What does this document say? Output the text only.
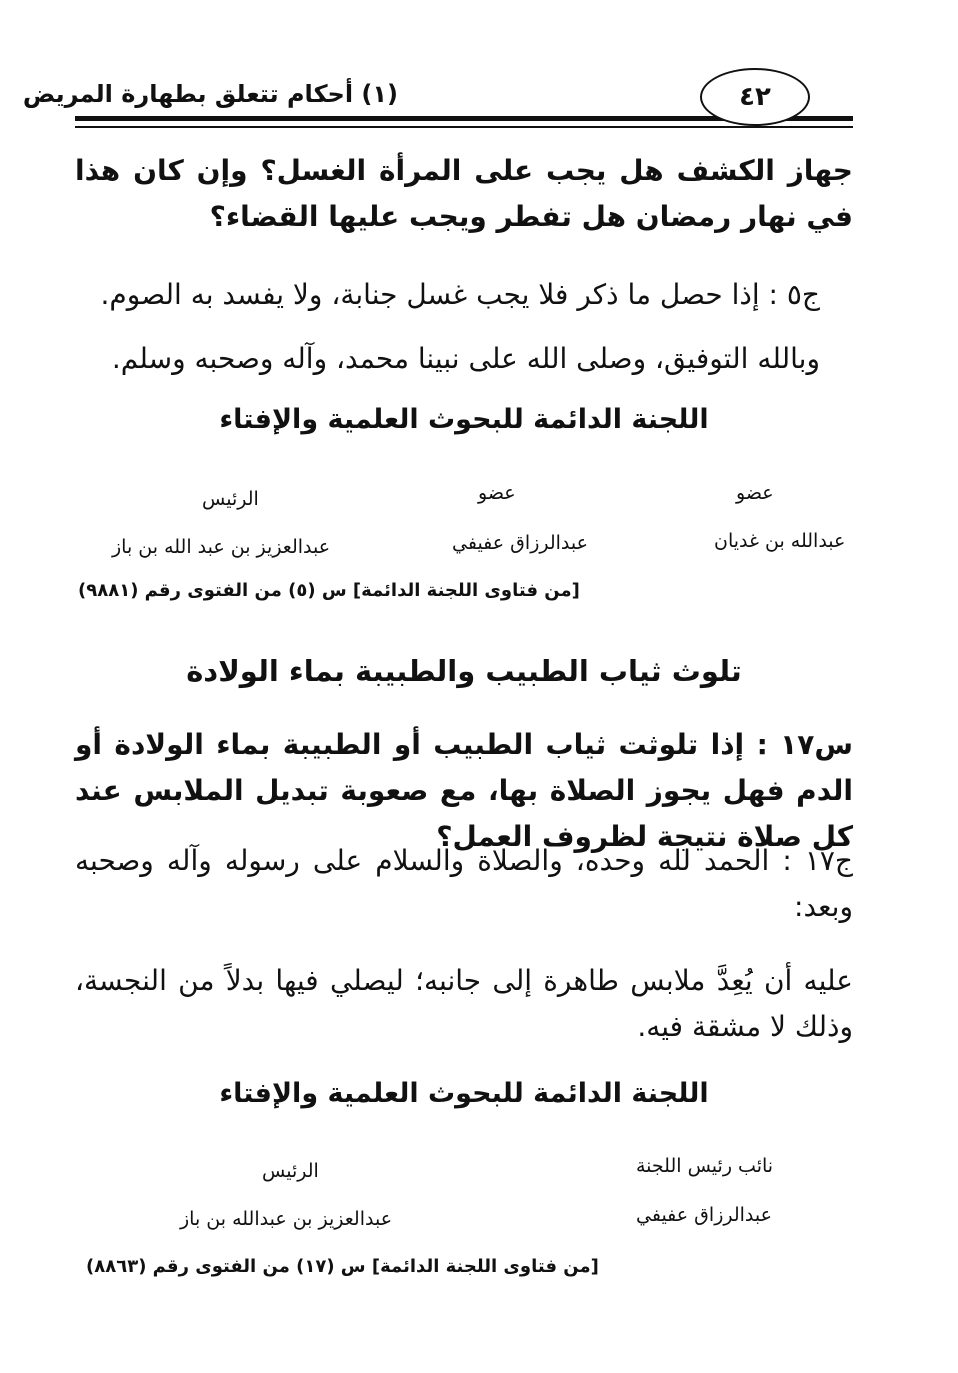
٤٢
(١) أحكام تتعلق بطهارة المريض
جهاز الكشف هل يجب على المرأة الغسل؟ وإن كان هذا في نهار رمضان هل تفطر ويجب عليها القضاء؟
ج٥ : إذا حصل ما ذكر فلا يجب غسل جنابة، ولا يفسد به الصوم.
وبالله التوفيق، وصلى الله على نبينا محمد، وآله وصحبه وسلم.
اللجنة الدائمة للبحوث العلمية والإفتاء
عضو
عضو
الرئيس
عبدالله بن غديان
عبدالرزاق عفيفي
عبدالعزيز بن عبد الله بن باز
[من فتاوى اللجنة الدائمة] س (٥) من الفتوى رقم (٩٨٨١)
تلوث ثياب الطبيب والطبيبة بماء الولادة
س١٧ : إذا تلوثت ثياب الطبيب أو الطبيبة بماء الولادة أو الدم فهل يجوز الصلاة بها، مع صعوبة تبديل الملابس عند كل صلاة نتيجة لظروف العمل؟
ج١٧ : الحمد لله وحده، والصلاة والسلام على رسوله وآله وصحبه وبعد:
عليه أن يُعِدَّ ملابس طاهرة إلى جانبه؛ ليصلي فيها بدلاً من النجسة، وذلك لا مشقة فيه.
اللجنة الدائمة للبحوث العلمية والإفتاء
نائب رئيس اللجنة
الرئيس
عبدالرزاق عفيفي
عبدالعزيز بن عبدالله بن باز
[من فتاوى اللجنة الدائمة] س (١٧) من الفتوى رقم (٨٨٦٣)
